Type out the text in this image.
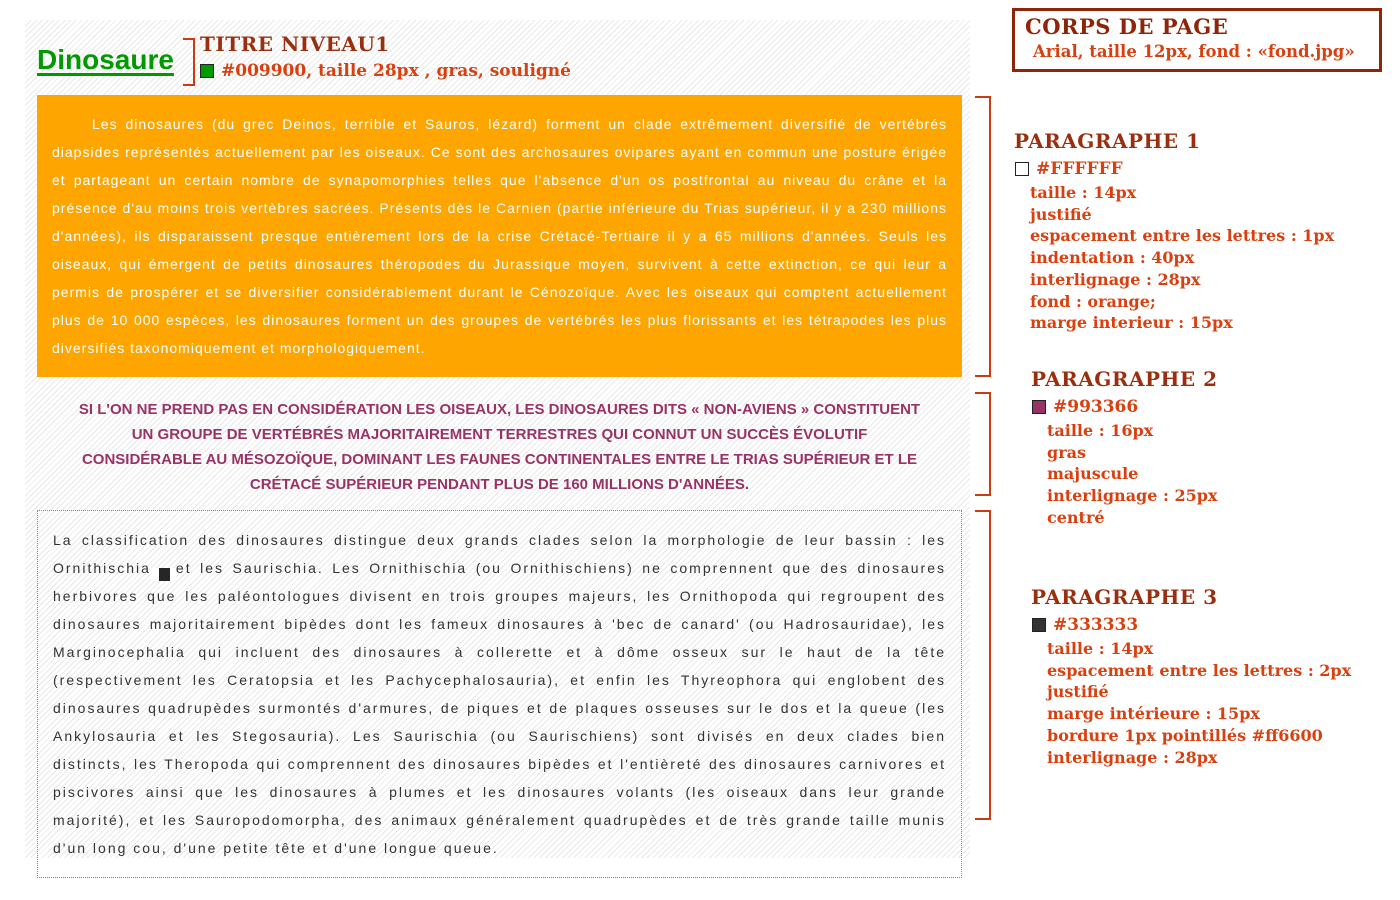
Dinosaure TITRE NIVEAU1
#009900, taille 28px , gras, souligné

Les dinosaures (du grec Deinos, terrible et Sauros, lézard) forment un clade extrêmement diversifié de vertébrés diapsides représentés actuellement par les oiseaux. Ce sont des archosaures ovipares ayant en commun une posture érigée et partageant un certain nombre de synapomorphies telles que l'absence d'un os postfrontal au niveau du crâne et la présence d'au moins trois vertèbres sacrées. Présents dès le Carnien (partie inférieure du Trias supérieur, il y a 230 millions d'années), ils disparaissent presque entièrement lors de la crise Crétacé-Tertiaire il y a 65 millions d'années. Seuls les oiseaux, qui émergent de petits dinosaures théropodes du Jurassique moyen, survivent à cette extinction, ce qui leur a permis de prospérer et se diversifier considérablement durant le Cénozoïque. Avec les oiseaux qui comptent actuellement plus de 10 000 espèces, les dinosaures forment un des groupes de vertébrés les plus florissants et les tétrapodes les plus diversifiés taxonomiquement et morphologiquement.

SI L'ON NE PREND PAS EN CONSIDÉRATION LES OISEAUX, LES DINOSAURES DITS « NON-AVIENS » CONSTITUENT
UN GROUPE DE VERTÉBRÉS MAJORITAIREMENT TERRESTRES QUI CONNUT UN SUCCÈS ÉVOLUTIF
CONSIDÉRABLE AU MÉSOZOÏQUE, DOMINANT LES FAUNES CONTINENTALES ENTRE LE TRIAS SUPÉRIEUR ET LE
CRÉTACÉ SUPÉRIEUR PENDANT PLUS DE 160 MILLIONS D'ANNÉES.

La classification des dinosaures distingue deux grands clades selon la morphologie de leur bassin : les Ornithischia et les Saurischia. Les Ornithischia (ou Ornithischiens) ne comprennent que des dinosaures herbivores que les paléontologues divisent en trois groupes majeurs, les Ornithopoda qui regroupent des dinosaures majoritairement bipèdes dont les fameux dinosaures à 'bec de canard' (ou Hadrosauridae), les Marginocephalia qui incluent des dinosaures à collerette et à dôme osseux sur le haut de la tête (respectivement les Ceratopsia et les Pachycephalosauria), et enfin les Thyreophora qui englobent des dinosaures quadrupèdes surmontés d'armures, de piques et de plaques osseuses sur le dos et la queue (les Ankylosauria et les Stegosauria). Les Saurischia (ou Saurischiens) sont divisés en deux clades bien distincts, les Theropoda qui comprennent des dinosaures bipèdes et l'entièreté des dinosaures carnivores et piscivores ainsi que les dinosaures à plumes et les dinosaures volants (les oiseaux dans leur grande majorité), et les Sauropodomorpha, des animaux généralement quadrupèdes et de très grande taille munis d'un long cou, d'une petite tête et d'une longue queue.

CORPS DE PAGE
Arial, taille 12px, fond : «fond.jpg»
PARAGRAPHE 1
#FFFFFF
taille : 14px
justifié
espacement entre les lettres : 1px
indentation : 40px
interlignage : 28px
fond : orange;
marge interieur : 15px
PARAGRAPHE 2
#993366
taille : 16px
gras
majuscule
interlignage : 25px
centré
PARAGRAPHE 3
#333333
taille : 14px
espacement entre les lettres : 2px
justifié
marge intérieure : 15px
bordure 1px pointillés #ff6600
interlignage : 28px
